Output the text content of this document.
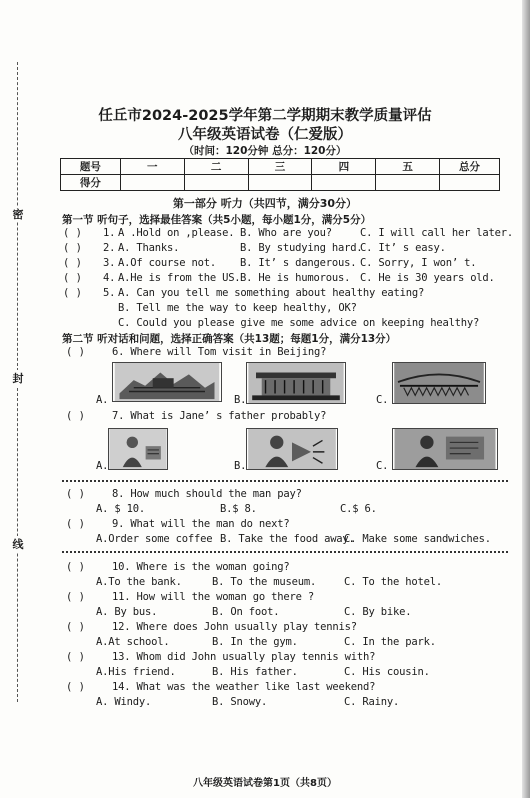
密
封
线
任丘市2024-2025学年第二学期期末教学质量评估
八年级英语试卷（仁爱版）
（时间：120分钟 总分：120分）
题号	一	二	三	四	五	总分
得分						
第一部分 听力（共四节，满分30分）
第一节 听句子，选择最佳答案（共5小题，每小题1分，满分5分）
( ) 1. A .Hold on ,please. B. Who are you?	C. I will call her later.
( ) 2. A. Thanks.	B. By studying hard.
C. It’ s easy.
( ) 3. A.Of course not. B. It’ s dangerous. C. Sorry, I won’ t.
( ) 4. A.He is from the US. B. He is humorous. C. He is 30 years old.
( ) 5. A. Can you tell me something about healthy eating?
B. Tell me the way to keep healthy, OK?
C. Could you please give me some advice on keeping healthy?
第二节 听对话和问题，选择正确答案（共13题；每题1分，满分13分）
( )	6. Where will Tom visit in Beijing?
A.	B.	C.
( )	7. What is Jane’ s father probably?
A.	B.	C.
( )	8. How much should the man pay?
A. $ 10.	B.$ 8.	C.$ 6.
( )	9. What will the man do next?
A.Order some coffee B. Take the food away.
C. Make some sandwiches.
( )	10. Where is the woman going?
A.To the bank.	B. To the museum.	C. To the hotel.
( )	11. How will the woman go there ?
A. By bus.	B. On foot.	C. By bike.
( )	12. Where does John usually play tennis?
A.At school.	B. In the gym.	C. In the park.
( )	13. Whom did John usually play tennis with?
A.His friend.	B. His father.	C. His cousin.
( )	14. What was the weather like last weekend?
A. Windy.	B. Snowy.	C. Rainy.
八年级英语试卷第1页（共8页）
